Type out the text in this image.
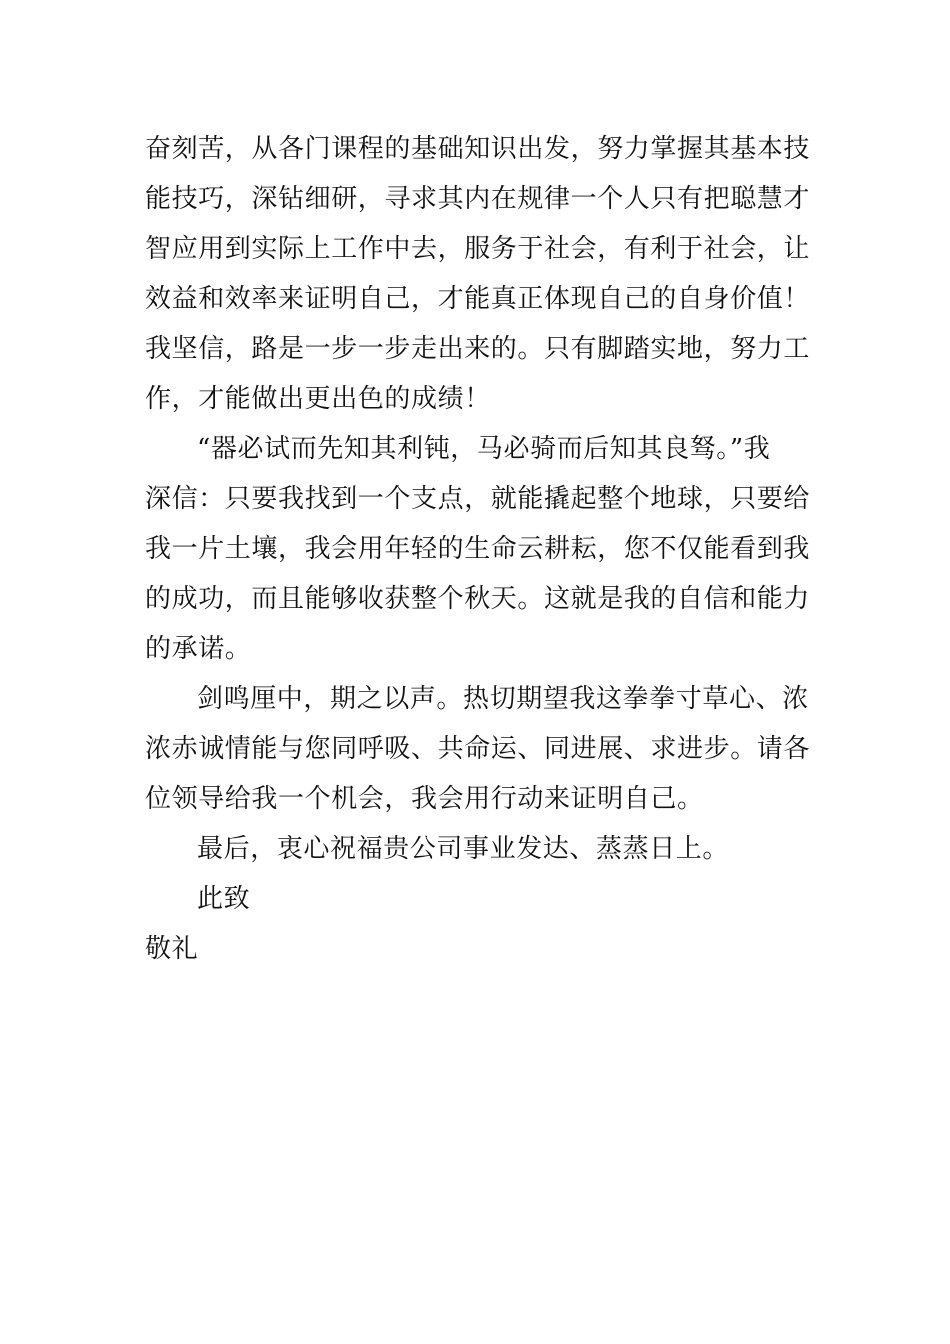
奋刻苦，从各门课程的基础知识出发，努力掌握其基本技
能技巧，深钻细研，寻求其内在规律一个人只有把聪慧才
智应用到实际上工作中去，服务于社会，有利于社会，让
效益和效率来证明自己，才能真正体现自己的自身价值！
我坚信，路是一步一步走出来的。只有脚踏实地，努力工
作，才能做出更出色的成绩！
“器必试而先知其利钝，马必骑而后知其良驽。”我
深信：只要我找到一个支点，就能撬起整个地球，只要给
我一片土壤，我会用年轻的生命云耕耘，您不仅能看到我
的成功，而且能够收获整个秋天。这就是我的自信和能力
的承诺。
剑鸣厘中，期之以声。热切期望我这拳拳寸草心、浓
浓赤诚情能与您同呼吸、共命运、同进展、求进步。请各
位领导给我一个机会，我会用行动来证明自己。
最后，衷心祝福贵公司事业发达、蒸蒸日上。
此致
敬礼
